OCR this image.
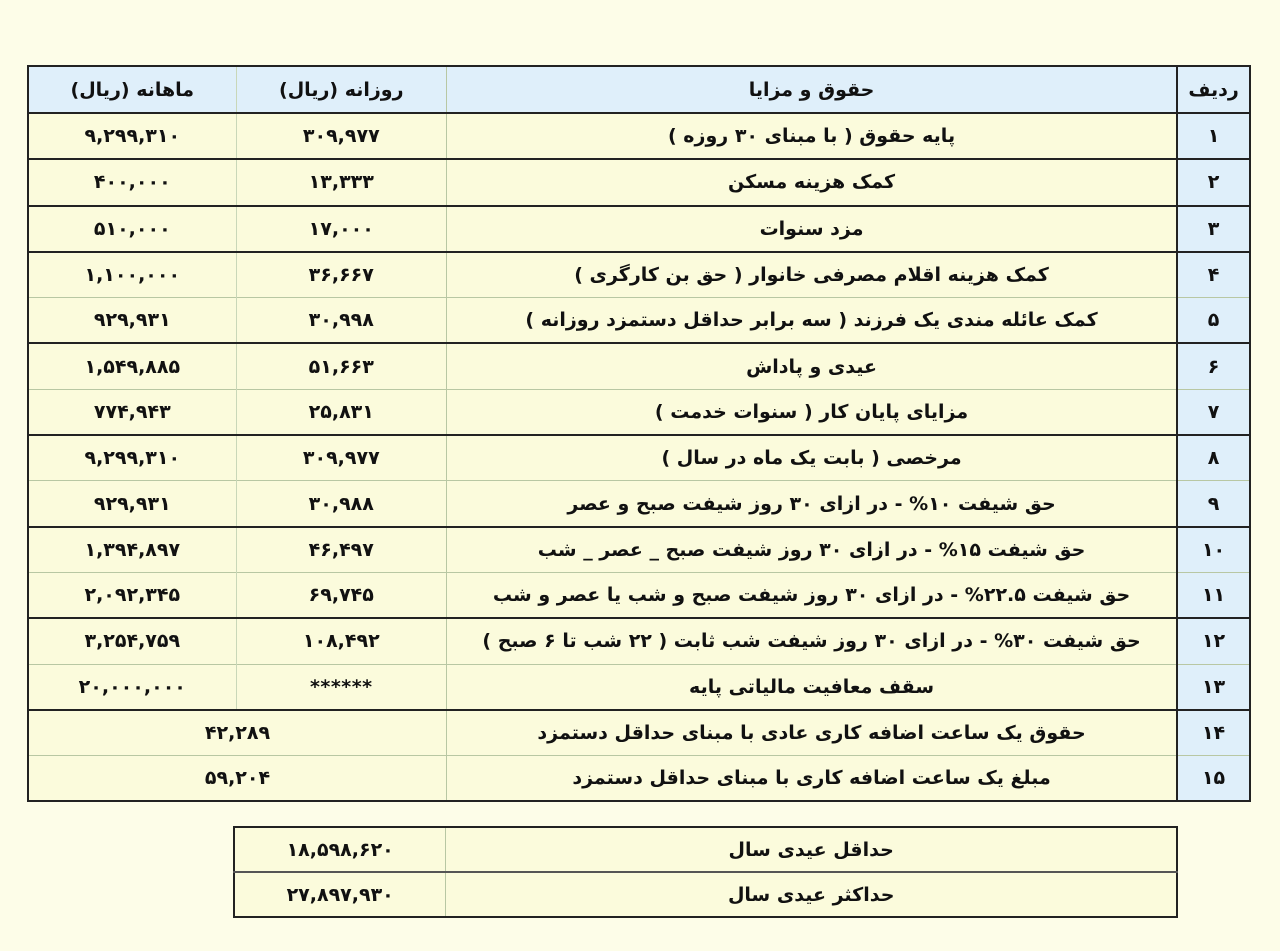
ردیف	حقوق و مزایا	روزانه (ریال)	ماهانه (ریال)
۱	پایه حقوق ( با مبنای ۳۰ روزه )	۳۰۹,۹۷۷	۹,۲۹۹,۳۱۰
۲	کمک هزینه مسکن	۱۳,۳۳۳	۴۰۰,۰۰۰
۳	مزد سنوات	۱۷,۰۰۰	۵۱۰,۰۰۰
۴	کمک هزینه اقلام مصرفی خانوار ( حق بن کارگری )	۳۶,۶۶۷	۱,۱۰۰,۰۰۰
۵	کمک عائله مندی یک فرزند ( سه برابر حداقل دستمزد روزانه )	۳۰,۹۹۸	۹۲۹,۹۳۱
۶	عیدی و پاداش	۵۱,۶۶۳	۱,۵۴۹,۸۸۵
۷	مزایای پایان کار ( سنوات خدمت )	۲۵,۸۳۱	۷۷۴,۹۴۳
۸	مرخصی ( بابت یک ماه در سال )	۳۰۹,۹۷۷	۹,۲۹۹,۳۱۰
۹	حق شیفت ۱۰% - در ازای ۳۰ روز شیفت صبح و عصر	۳۰,۹۸۸	۹۲۹,۹۳۱
۱۰	حق شیفت ۱۵% - در ازای ۳۰ روز شیفت صبح _ عصر _ شب	۴۶,۴۹۷	۱,۳۹۴,۸۹۷
۱۱	حق شیفت ۲۲.۵% - در ازای ۳۰ روز شیفت صبح و شب یا عصر و شب	۶۹,۷۴۵	۲,۰۹۲,۳۴۵
۱۲	حق شیفت ۳۰% - در ازای ۳۰ روز شیفت شب ثابت ( ۲۲ شب تا ۶ صبح )	۱۰۸,۴۹۲	۳,۲۵۴,۷۵۹
۱۳	سقف معافیت مالیاتی پایه	******	۲۰,۰۰۰,۰۰۰
۱۴	حقوق یک ساعت اضافه کاری عادی با مبنای حداقل دستمزد	۴۲,۲۸۹	
۱۵	مبلغ یک ساعت اضافه کاری با مبنای حداقل دستمزد	۵۹,۲۰۴	
حداقل عیدی سال	۱۸,۵۹۸,۶۲۰
حداکثر عیدی سال	۲۷,۸۹۷,۹۳۰
